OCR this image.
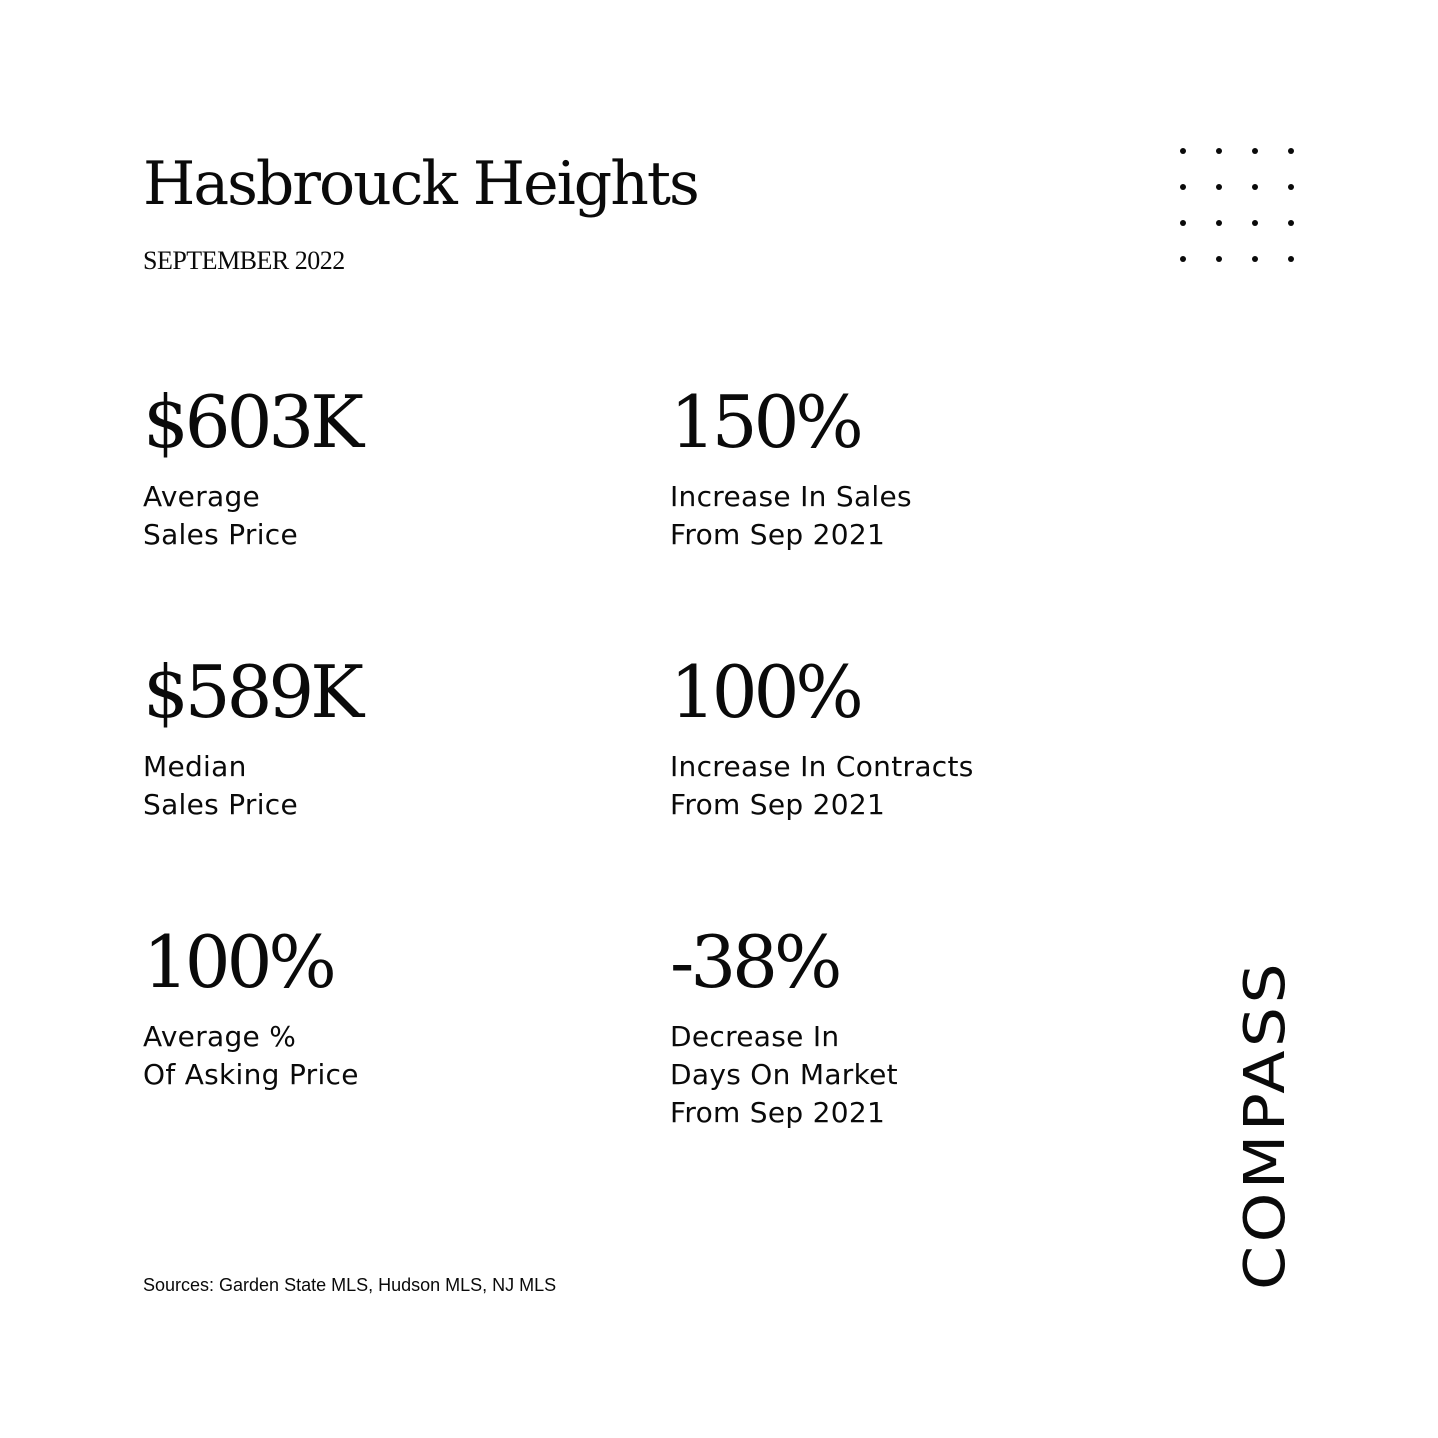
Hasbrouck Heights
SEPTEMBER 2022
$603K
Average
Sales Price
150%
Increase In Sales
From Sep 2021
$589K
Median
Sales Price
100%
Increase In Contracts
From Sep 2021
100%
Average %
Of Asking Price
-38%
Decrease In
Days On Market
From Sep 2021
Sources: Garden State MLS, Hudson MLS, NJ MLS	COMPASS
